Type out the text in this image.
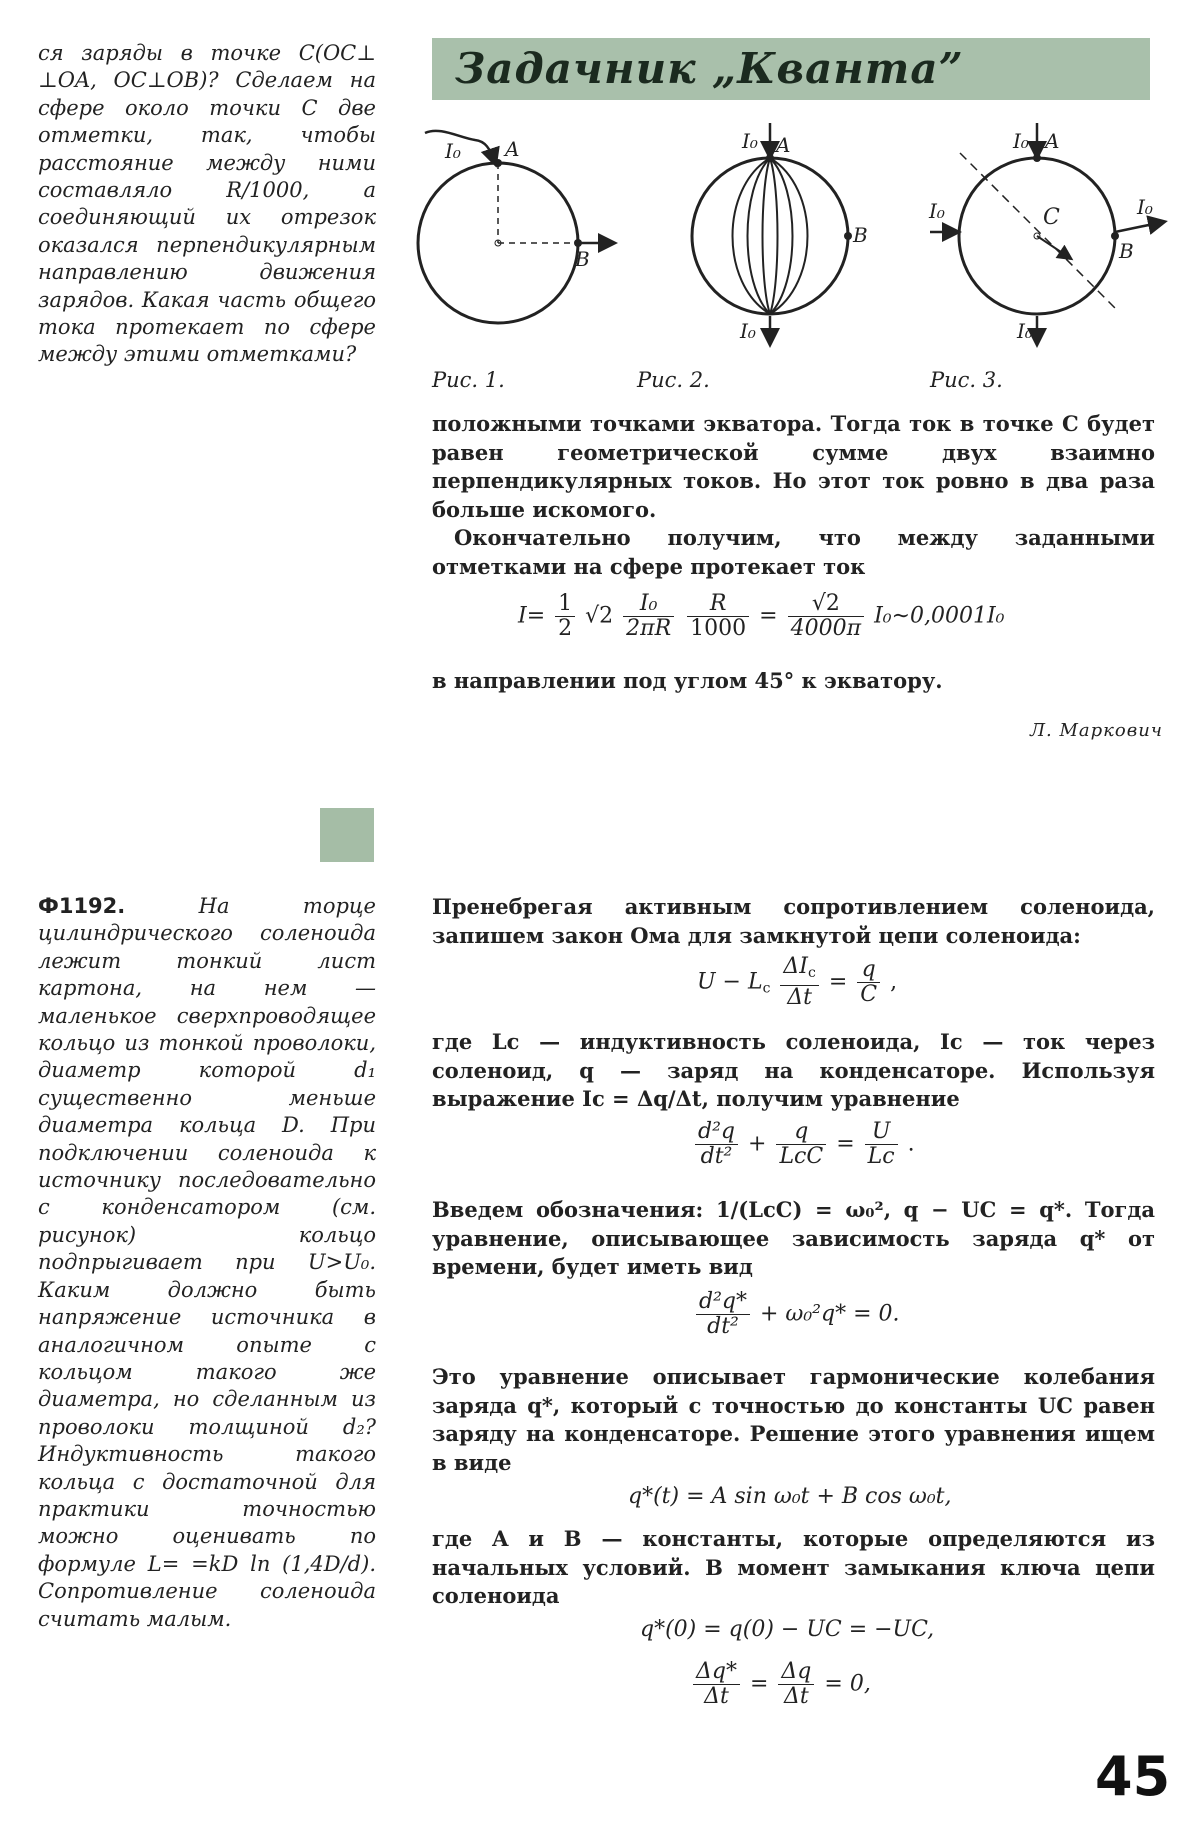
Задачник „Кванта”
ся заряды в точке C(OC⊥ ⊥OA, OC⊥OB)? Сделаем на сфере около точки C две отметки, так, чтобы расстояние между ними составляло R/1000, а соединяющий их отрезок оказался перпендикулярным направлению движения зарядов. Какая часть общего тока протекает по сфере между этими отметками?
I₀ A
B
I₀ A
B
I₀
I₀ A
I₀	C	I₀
B
I₀
Рис. 1.	Рис. 2.	Рис. 3.

положными точками экватора. Тогда ток в точке C будет равен геометрической сумме двух взаимно перпендикулярных токов. Но этот ток ровно в два раза больше искомого.

Окончательно получим, что между заданными отметками на сфере протекает ток

$I= \frac{1}{2} √2 \frac{\text{I₀}}{2\pi R}$
$\frac{R}{1000} = \frac{√2}{4000\pi}$ I₀∼0,0001I₀
в направлении под углом 45° к экватору.
Л. Маркович

Ф1192.	На торце цилиндрического соленоида лежит тонкий лист картона, на нем — маленькое сверхпроводящее кольцо из тонкой проволоки, диаметр которой d₁ существенно меньше диаметра кольца D. При подключении соленоида к источнику последовательно с конденсатором (см. рисунок) кольцо подпрыгивает при U>U₀. Каким должно быть напряжение источника в аналогичном опыте с кольцом такого же диаметра, но сделанным из проволоки толщиной d₂? Индуктивность такого кольца с достаточной для практики точностью можно оценивать по формуле L= =kD ln (1,4D/d). Сопротивление соленоида считать малым.

Пренебрегая активным сопротивлением соленоида, запишем закон Ома для замкнутой цепи соленоида:
$U - L_c \frac{\Delta I_c}{\Delta t} = \frac{q}{C}$ ,
где Lс — индуктивность соленоида, Iс — ток через соленоид, q — заряд на конденсаторе. Используя выражение Iс = Δq/Δt, получим уравнение
$\frac{\text{d²q}}{\text{dt²}} + \frac{q}{\text{LсC}} = \frac{U}{Lс}$ .
Введем обозначения: 1/(LсC) = ω₀², q − UC = q*. Тогда уравнение, описывающее зависимость заряда q* от времени, будет иметь вид
$\frac{\text{d²q*}}{\text{dt²}} + \omega_0^2q* = 0$.
Это уравнение описывает гармонические колебания заряда q*, который с точностью до константы UC равен заряду на конденсаторе. Решение этого уравнения ищем в виде
q*(t) = A sin ω₀t + B cos ω₀t,
где A и B — константы, которые определяются из начальных условий. В момент замыкания ключа цепи соленоида
q*(0) = q(0) − UC = −UC,
$\frac{\Delta q*}{\Delta t} = \frac{\Delta q}{\Delta t} = 0$,
45
